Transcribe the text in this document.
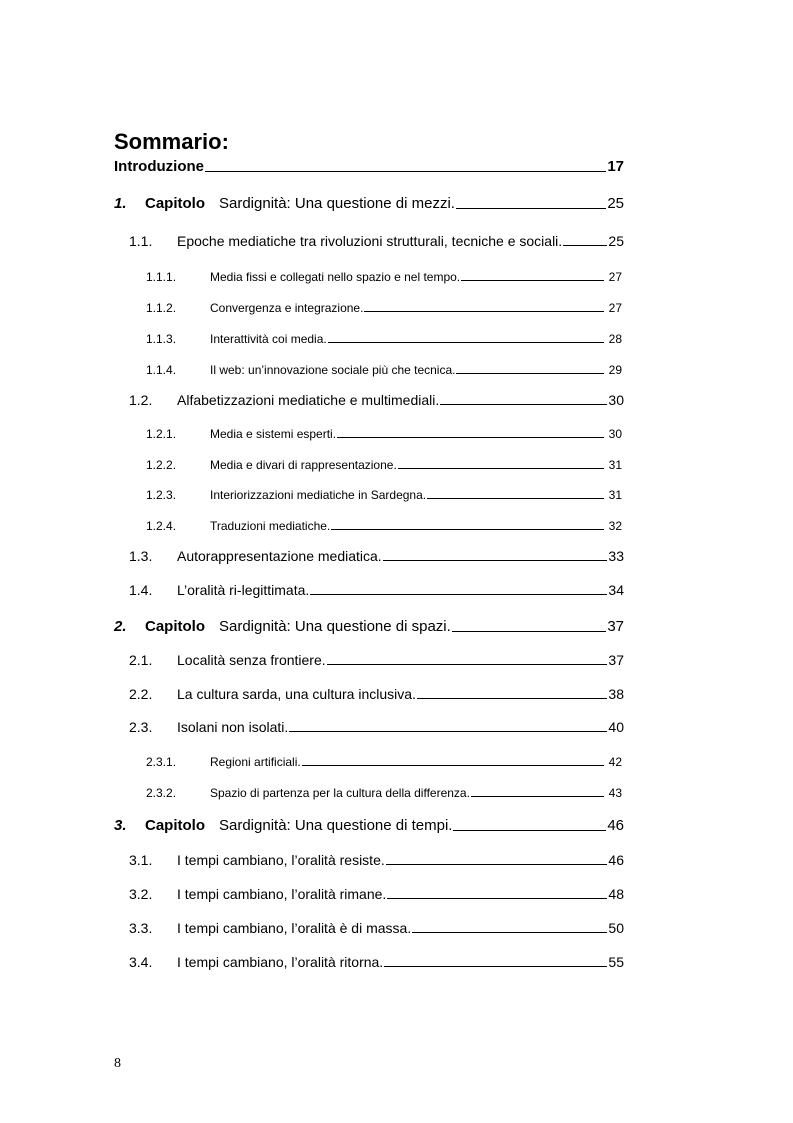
Sommario:
Introduzione	17
1.	Capitolo Sardignità: Una questione di mezzi.	25
1.1.	Epoche mediatiche tra rivoluzioni strutturali, tecniche e sociali.	25
1.1.1.	Media fissi e collegati nello spazio e nel tempo.	27
1.1.2.	Convergenza e integrazione.	27
1.1.3.	Interattività coi media.	28
1.1.4.	Il web: un’innovazione sociale più che tecnica.	29
1.2.	Alfabetizzazioni mediatiche e multimediali.	30
1.2.1.	Media e sistemi esperti.	30
1.2.2.	Media e divari di rappresentazione.	31
1.2.3.	Interiorizzazioni mediatiche in Sardegna.	31
1.2.4.	Traduzioni mediatiche.	32
1.3.	Autorappresentazione mediatica.	33
1.4.	L’oralità ri-legittimata.	34
2.	Capitolo Sardignità: Una questione di spazi.	37
2.1.	Località senza frontiere.	37
2.2.	La cultura sarda, una cultura inclusiva.	38
2.3.	Isolani non isolati.	40
2.3.1.	Regioni artificiali.	42
2.3.2.	Spazio di partenza per la cultura della differenza.	43
3.	Capitolo Sardignità: Una questione di tempi.	46
3.1.	I tempi cambiano, l’oralità resiste.	46
3.2.	I tempi cambiano, l’oralità rimane.	48
3.3.	I tempi cambiano, l’oralità è di massa.	50
3.4.	I tempi cambiano, l’oralità ritorna.	55
8
